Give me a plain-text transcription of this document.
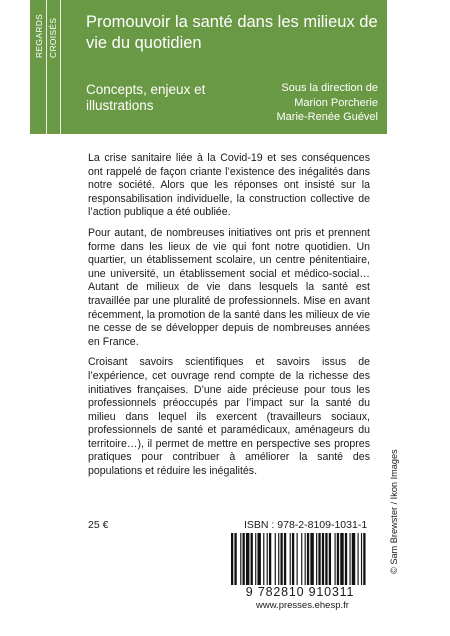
REGARDS CROISÉS Promouvoir la santé dans les milieux de vie du quotidien
Concepts, enjeux et illustrations
Sous la direction de
Marion Porcherie
Marie-Renée Guével

La crise sanitaire liée à la Covid-19 et ses conséquences ont rappelé de façon criante l’existence des inégalités dans notre société. Alors que les réponses ont insisté sur la responsabilisation individuelle, la construction collective de l’action publique a été oubliée.

Pour autant, de nombreuses initiatives ont pris et prennent forme dans les lieux de vie qui font notre quotidien. Un quartier, un établissement scolaire, un centre pénitentiaire, une université, un établissement social et médico-social… Autant de milieux de vie dans lesquels la santé est travaillée par une pluralité de professionnels. Mise en avant récemment, la promotion de la santé dans les milieux de vie ne cesse de se développer depuis de nombreuses années en France.

Croisant savoirs scientifiques et savoirs issus de l’expérience, cet ouvrage rend compte de la richesse des initiatives françaises. D’une aide précieuse pour tous les professionnels préoccupés par l’impact sur la santé du milieu dans lequel ils exercent (travailleurs sociaux, professionnels de santé et paramédicaux, aménageurs du territoire…), il permet de mettre en perspective ses propres pratiques pour contribuer à améliorer la santé des populations et réduire les inégalités.	© Sam Brewster / Ikon Images
25 €	ISBN : 978-2-8109-1031-1
9 782810 910311
www.presses.ehesp.fr
